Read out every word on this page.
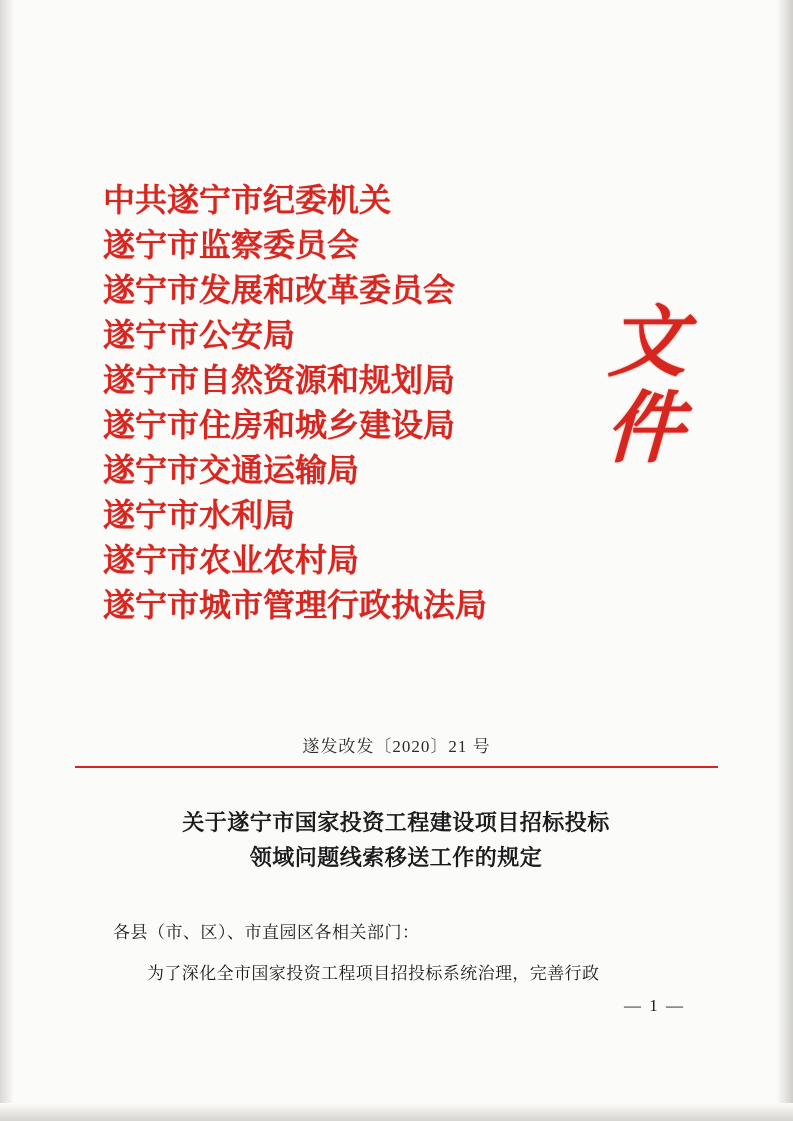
中共遂宁市纪委机关
遂宁市监察委员会
遂宁市发展和改革委员会
遂宁市公安局
遂宁市自然资源和规划局
遂宁市住房和城乡建设局
遂宁市交通运输局
遂宁市水利局
遂宁市农业农村局
遂宁市城市管理行政执法局
文
件
遂发改发〔2020〕21 号
关于遂宁市国家投资工程建设项目招标投标
领域问题线索移送工作的规定
各县（市、区）、市直园区各相关部门：
为了深化全市国家投资工程项目招投标系统治理，完善行政
— 1 —
